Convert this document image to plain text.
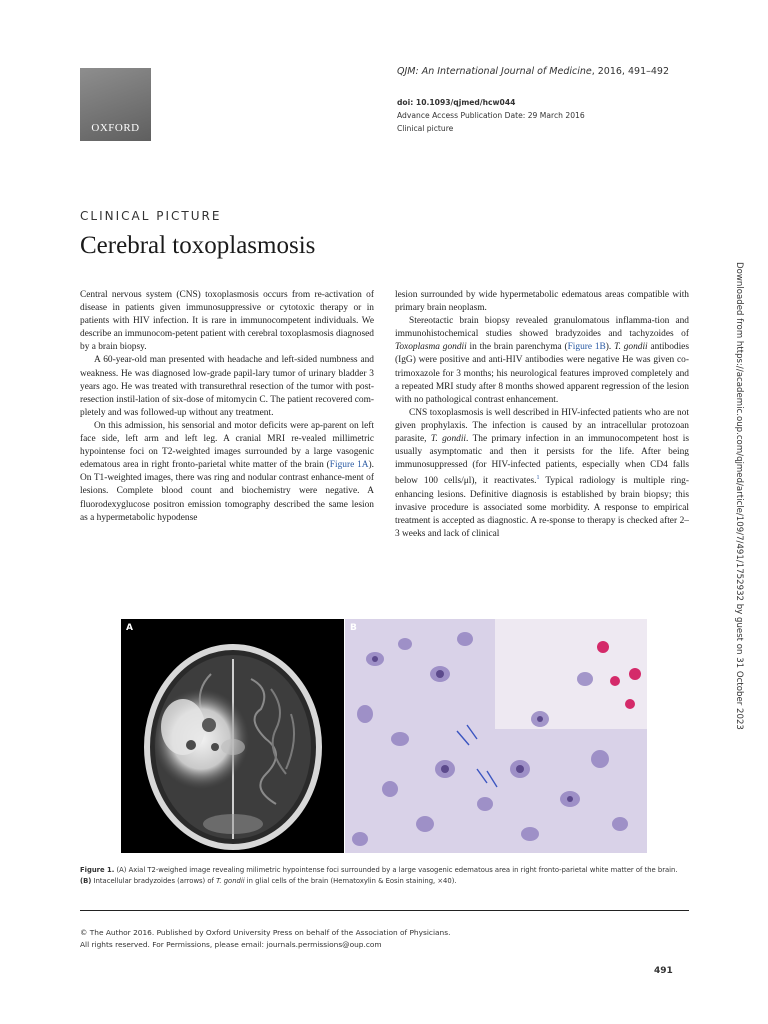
OXFORD
QJM: An International Journal of Medicine, 2016, 491–492
doi: 10.1093/qjmed/hcw044
Advance Access Publication Date: 29 March 2016
Clinical picture
CLINICAL PICTURE
Cerebral toxoplasmosis

Central nervous system (CNS) toxoplasmosis occurs from re-activation of disease in patients given immunosuppressive or cytotoxic therapy or in patients with HIV infection. It is rare in immunocompetent individuals. We describe an immunocom-petent patient with cerebral toxoplasmosis diagnosed by a brain biopsy.

A 60-year-old man presented with headache and left-sided numbness and weakness. He was diagnosed low-grade papil-lary tumor of urinary bladder 3 years ago. He was treated with transurethral resection of the tumor with post-resection instil-lation of six-dose of mitomycin C. The patient recovered com-pletely and was followed-up without any treatment.

On this admission, his sensorial and motor deficits were ap-parent on left face side, left arm and left leg. A cranial MRI re-vealed millimetric hypointense foci on T2-weighted images surrounded by a large vasogenic edematous area in right fronto-parietal white matter of the brain (Figure 1A). On T1-weighted images, there was ring and nodular contrast enhance-ment of lesions. Complete blood count and biochemistry were negative. A fluorodexyglucose positron emission tomography described the same lesion as a hypermetabolic hypodense

lesion surrounded by wide hypermetabolic edematous areas compatible with primary brain neoplasm.

Stereotactic brain biopsy revealed granulomatous inflamma-tion and immunohistochemical studies showed bradyzoides and tachyzoides of Toxoplasma gondii in the brain parenchyma (Figure 1B). T. gondii antibodies (IgG) were positive and anti-HIV antibodies were negative He was given co-trimoxazole for 3 months; his neurological features improved completely and a repeated MRI study after 8 months showed apparent regression of the lesion with no pathological contrast enhancement.

CNS toxoplasmosis is well described in HIV-infected patients who are not given prophylaxis. The infection is caused by an intracellular protozoan parasite, T. gondii. The primary infection in an immunocompetent host is usually asymptomatic and then it persists for the life. After being immunosuppressed (for HIV-infected patients, especially when CD4 falls below 100 cells/μl), it reactivates.$^1$ Typical radiology is multiple ring-enhancing lesions. Definitive diagnosis is established by brain biopsy; this invasive procedure is associated some morbidity. A response to empirical treatment is accepted as diagnostic. A re-sponse to therapy is checked after 2–3 weeks and lack of clinical

A	B
Figure 1. (A) Axial T2-weighed image revealing milimetric hypointense foci surrounded by a large vasogenic edematous area in right fronto-parietal white matter of the brain. (B) Intacellular bradyzoides (arrows) of T. gondii in glial cells of the brain (Hematoxylin & Eosin staining, ×40).
© The Author 2016. Published by Oxford University Press on behalf of the Association of Physicians.
All rights reserved. For Permissions, please email: journals.permissions@oup.com
491
Downloaded from https://academic.oup.com/qjmed/article/109/7/491/1752932 by guest on 31 October 2023
